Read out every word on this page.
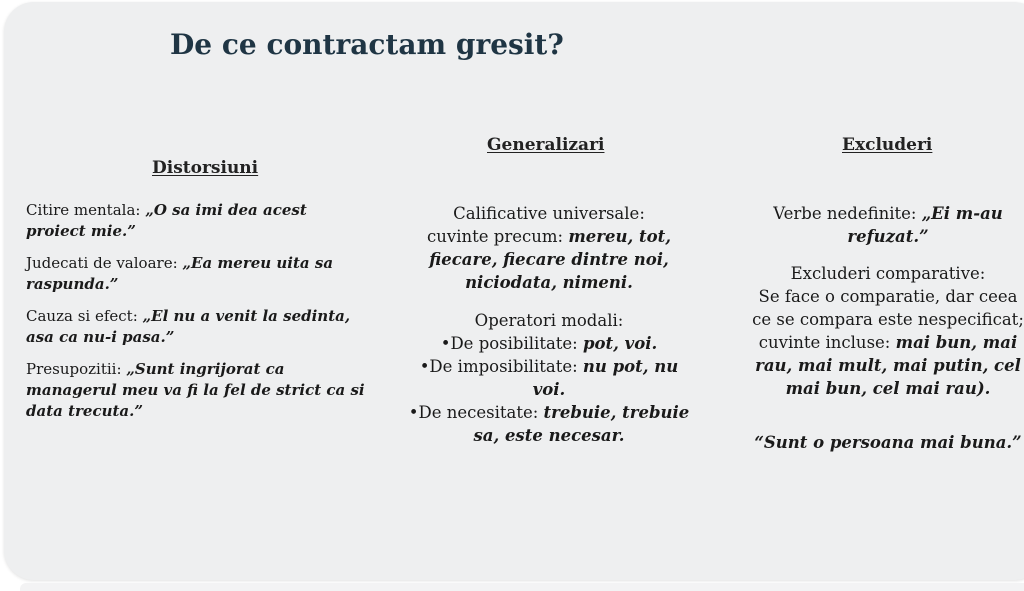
De ce contractam gresit?
Distorsiuni
Generalizari	Excluderi

Citire mentala: „O sa imi dea acest proiect mie.”

Judecati de valoare: „Ea mereu uita sa raspunda.”

Cauza si efect: „El nu a venit la sedinta, asa ca nu-i pasa.”

Presupozitii: „Sunt ingrijorat ca managerul meu va fi la fel de strict ca si data trecuta.”

Calificative universale:

cuvinte precum: mereu, tot, fiecare, fiecare dintre noi, niciodata, nimeni.

Operatori modali:

•De posibilitate: pot, voi.

•De imposibilitate: nu pot, nu voi.

•De necesitate: trebuie, trebuie sa, este necesar.

Verbe nedefinite: „Ei m-au refuzat.”

Excluderi comparative:

Se face o comparatie, dar ceea ce se compara este nespecificat; cuvinte incluse: mai bun, mai rau, mai mult, mai putin, cel mai bun, cel mai rau).

“Sunt o persoana mai buna.”
